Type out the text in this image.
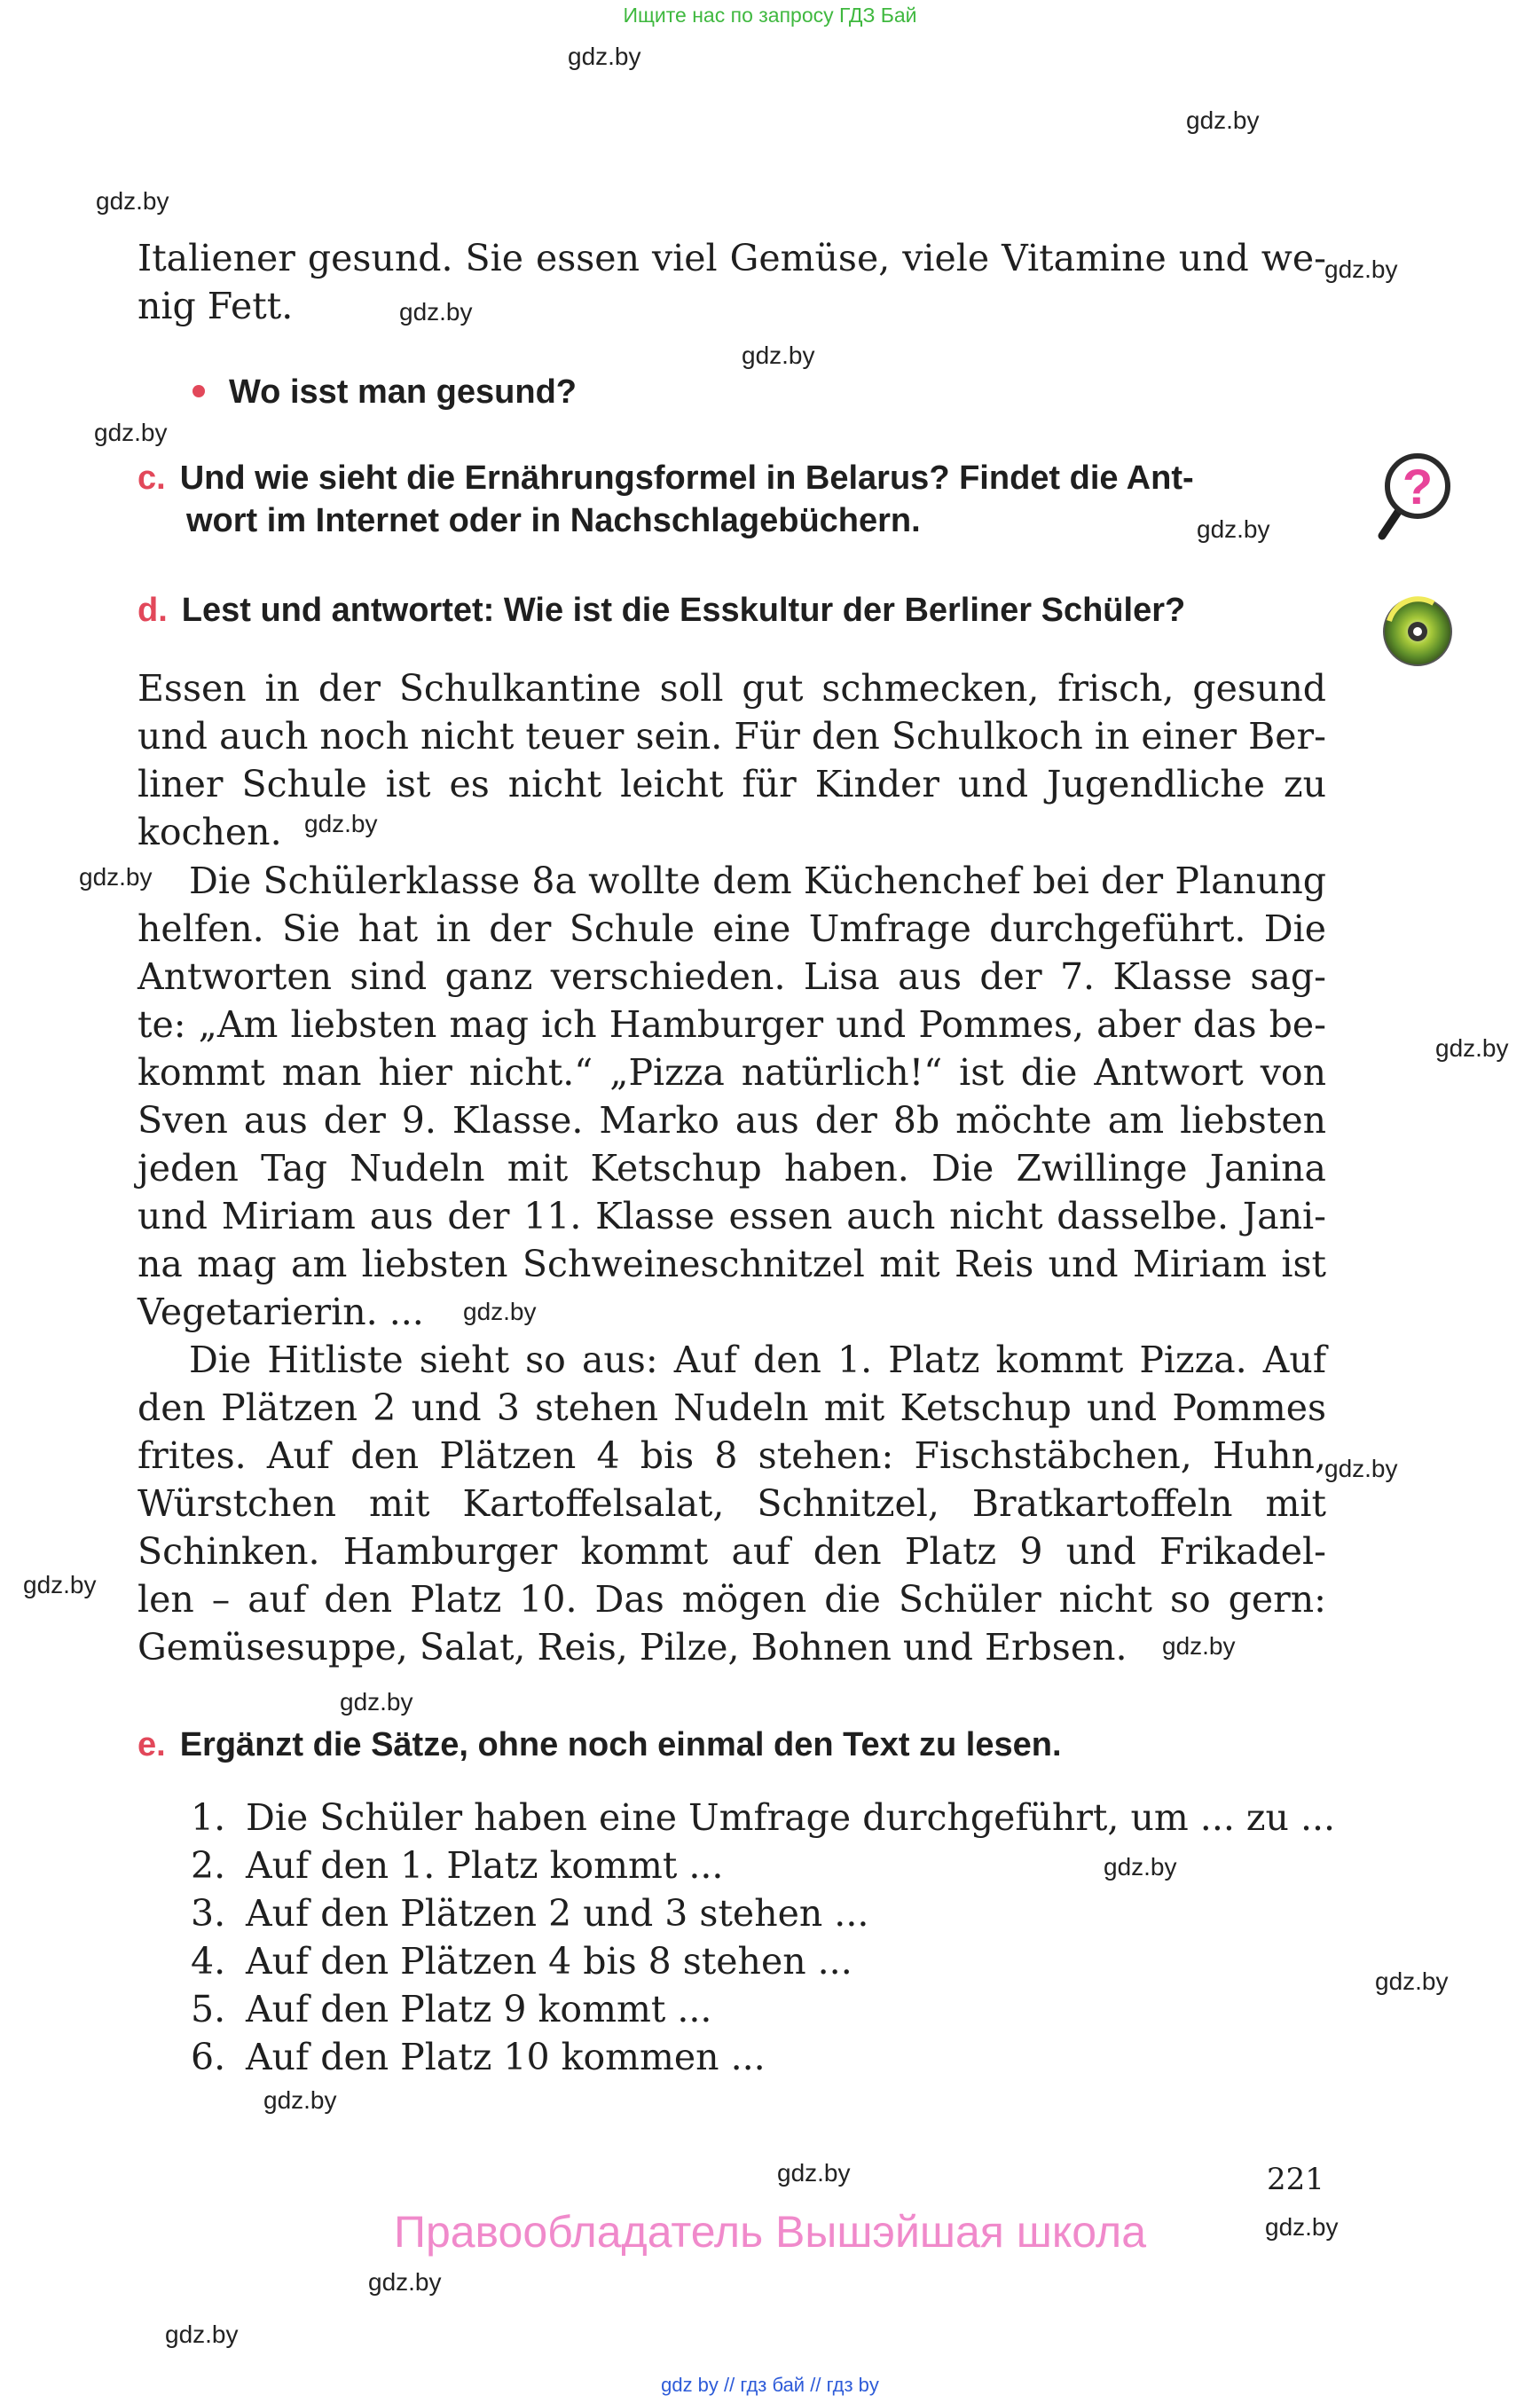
Ищите нас по запросу ГДЗ Бай
gdz.by
gdz.by
gdz.by
gdz.by
gdz.by
gdz.by
gdz.by
gdz.by
gdz.by
gdz.by
gdz.by
gdz.by
gdz.by
gdz.by
gdz.by
gdz.by
gdz.by
gdz.by
gdz.by
gdz.by
gdz.by
gdz.by
gdz.by
Italiener gesund. Sie essen viel Gemüse, viele Vitamine und we-
nig Fett.
Wo isst man gesund?
c. Und wie sieht die Ernährungsformel in Belarus? Findet die Ant-
wort im Internet oder in Nachschlagebüchern.
?
d. Lest und antwortet: Wie ist die Esskultur der Berliner Schüler?
Essen in der Schulkantine soll gut schmecken, frisch, gesund
und auch noch nicht teuer sein. Für den Schulkoch in einer Ber-
liner Schule ist es nicht leicht für Kinder und Jugendliche zu
kochen.
Die Schülerklasse 8a wollte dem Küchenchef bei der Planung
helfen. Sie hat in der Schule eine Umfrage durchgeführt. Die
Antworten sind ganz verschieden. Lisa aus der 7. Klasse sag-
te: „Am liebsten mag ich Hamburger und Pommes, aber das be-
kommt man hier nicht.“ „Pizza natürlich!“ ist die Antwort von
Sven aus der 9. Klasse. Marko aus der 8b möchte am liebsten
jeden Tag Nudeln mit Ketschup haben. Die Zwillinge Janina
und Miriam aus der 11. Klasse essen auch nicht dasselbe. Jani-
na mag am liebsten Schweineschnitzel mit Reis und Miriam ist
Vegetarierin. ...
Die Hitliste sieht so aus: Auf den 1. Platz kommt Pizza. Auf
den Plätzen 2 und 3 stehen Nudeln mit Ketschup und Pommes
frites. Auf den Plätzen 4 bis 8 stehen: Fischstäbchen, Huhn,
Würstchen mit Kartoffelsalat, Schnitzel, Bratkartoffeln mit
Schinken. Hamburger kommt auf den Platz 9 und Frikadel-
len – auf den Platz 10. Das mögen die Schüler nicht so gern:
Gemüsesuppe, Salat, Reis, Pilze, Bohnen und Erbsen.
e. Ergänzt die Sätze, ohne noch einmal den Text zu lesen.
1. Die Schüler haben eine Umfrage durchgeführt, um ... zu ...
2. Auf den 1. Platz kommt ...
3. Auf den Plätzen 2 und 3 stehen ...
4. Auf den Plätzen 4 bis 8 stehen ...
5. Auf den Platz 9 kommt ...
6. Auf den Platz 10 kommen ...
221
Правообладатель Вышэйшая школа
gdz by // гдз бай // гдз by
